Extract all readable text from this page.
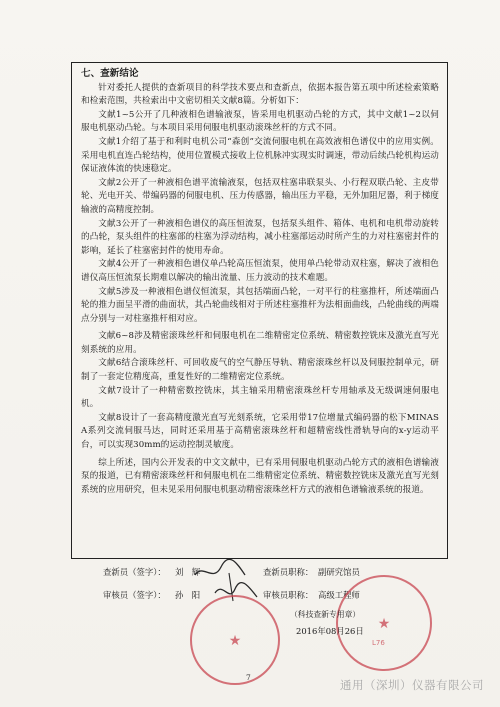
七、查新结论

针对委托人提供的查新项目的科学技术要点和查新点，依据本报告第五项中所述检索策略和检索范围，共检索出中文密切相关文献8篇。分析如下：

文献1~5公开了几种液相色谱输液泵，皆采用电机驱动凸轮的方式，其中文献1~2以伺服电机驱动凸轮。与本项目采用伺服电机驱动滚珠丝杆的方式不同。

文献1介绍了基于和利时电机公司“森创”交流伺服电机在高效液相色谱仪中的应用实例。采用电机直连凸轮结构，使用位置模式接收上位机脉冲实现实时调速，带动后续凸轮机构运动保证液体流的快速稳定。

文献2公开了一种液相色谱平流输液泵，包括双柱塞串联泵头、小行程双联凸轮、主皮带轮、光电开关、带编码器的伺服电机、压力传感器，输出压力平稳，无外加阻尼器，利于梯度输液的高精度控制。

文献3公开了一种液相色谱仪的高压恒流泵，包括泵头组件、箱体、电机和电机带动旋转的凸轮，泵头组件的柱塞部的柱塞为浮动结构，减小柱塞部运动时所产生的力对柱塞密封件的影响，延长了柱塞密封件的使用寿命。

文献4公开了一种液相色谱仪单凸轮高压恒流泵，使用单凸轮带动双柱塞，解决了液相色谱仪高压恒流泵长期难以解决的输出流量、压力波动的技术难题。

文献5涉及一种液相色谱仪恒流泵，其包括端面凸轮，一对平行的柱塞推杆，所述端面凸轮的推力面呈平滑的曲面状，其凸轮曲线相对于所述柱塞推杆为法相面曲线，凸轮曲线的两端点分别与一对柱塞推杆相对应。

文献6~8涉及精密滚珠丝杆和伺服电机在二维精密定位系统、精密数控铣床及激光直写光刻系统的应用。

文献6结合滚珠丝杆、可回收废气的空气静压导轨、精密滚珠丝杆以及伺服控制单元，研制了一套定位精度高，重复性好的二维精密定位系统。

文献7设计了一种精密数控铣床，其主轴采用精密滚珠丝杆专用轴承及无级调速伺服电机。

文献8设计了一套高精度激光直写光刻系统，它采用带17位增量式编码器的松下MINAS A系列交流伺服马达，同时还采用基于高精密滚珠丝杆和超精密线性滑轨导向的x-y运动平台，可以实现30mm的运动控制灵敏度。

综上所述，国内公开发表的中文文献中，已有采用伺服电机驱动凸轮方式的液相色谱输液泵的报道，已有精密滚珠丝杆和伺服电机在二维精密定位系统、精密数控铣床及激光直写光刻系统的应用研究，但未见采用伺服电机驱动精密滚珠丝杆方式的液相色谱输液系统的报道。

查新员（签字）： 刘　辉	查新员职称： 副研究馆员
审核员（签字）： 孙　阳	审核员职称： 高级工程师
★
★
L76
（科技查新专用章）
2016年08月26日
7
通用（深圳）仪器有限公司
